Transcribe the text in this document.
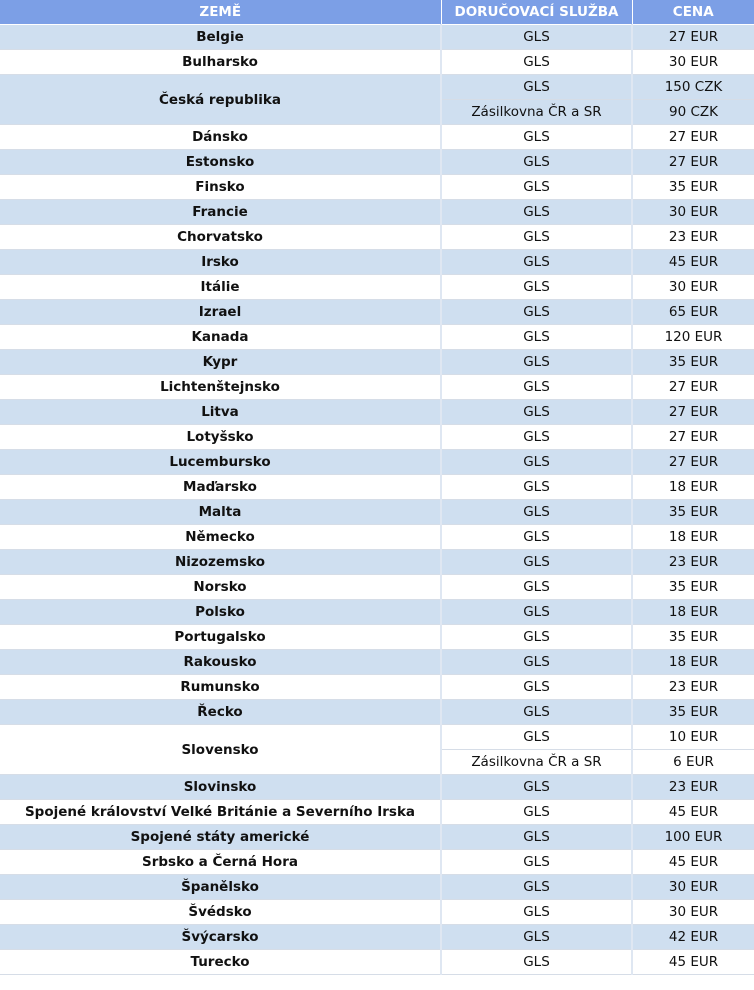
ZEMĚ	DORUČOVACÍ SLUŽBA	CENA
Belgie	GLS	27 EUR
Bulharsko	GLS	30 EUR
Česká republika	GLS	150 CZK
	Zásilkovna ČR a SR	90 CZK
Dánsko	GLS	27 EUR
Estonsko	GLS	27 EUR
Finsko	GLS	35 EUR
Francie	GLS	30 EUR
Chorvatsko	GLS	23 EUR
Irsko	GLS	45 EUR
Itálie	GLS	30 EUR
Izrael	GLS	65 EUR
Kanada	GLS	120 EUR
Kypr	GLS	35 EUR
Lichtenštejnsko	GLS	27 EUR
Litva	GLS	27 EUR
Lotyšsko	GLS	27 EUR
Lucembursko	GLS	27 EUR
Maďarsko	GLS	18 EUR
Malta	GLS	35 EUR
Německo	GLS	18 EUR
Nizozemsko	GLS	23 EUR
Norsko	GLS	35 EUR
Polsko	GLS	18 EUR
Portugalsko	GLS	35 EUR
Rakousko	GLS	18 EUR
Rumunsko	GLS	23 EUR
Řecko	GLS	35 EUR
Slovensko	GLS	10 EUR
	Zásilkovna ČR a SR	6 EUR
Slovinsko	GLS	23 EUR
Spojené království Velké Británie a Severního Irska	GLS	45 EUR
Spojené státy americké	GLS	100 EUR
Srbsko a Černá Hora	GLS	45 EUR
Španělsko	GLS	30 EUR
Švédsko	GLS	30 EUR
Švýcarsko	GLS	42 EUR
Turecko	GLS	45 EUR
